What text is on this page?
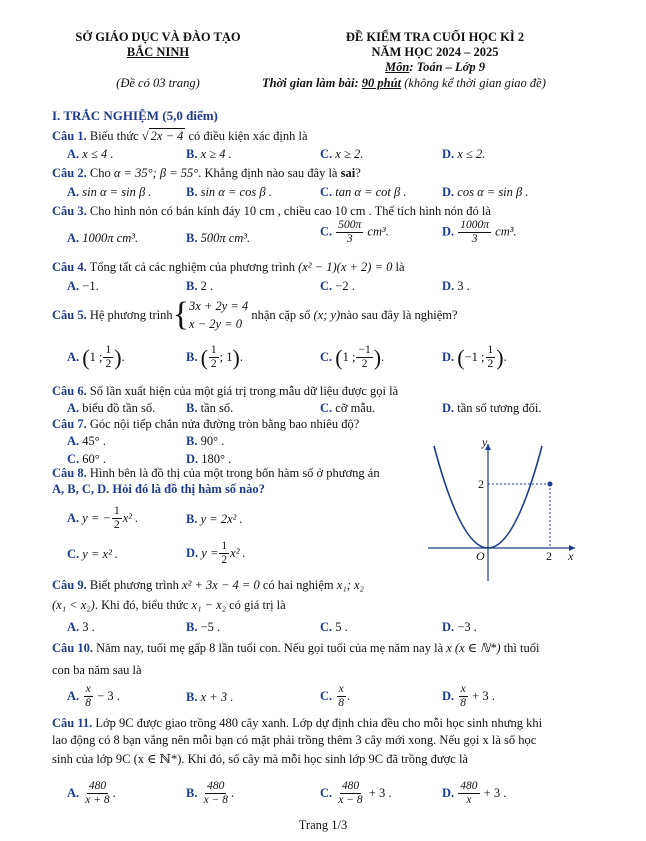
SỞ GIÁO DỤC VÀ ĐÀO TẠO
BẮC NINH
(Đề có 03 trang)
ĐỀ KIỂM TRA CUỐI HỌC KÌ 2
NĂM HỌC 2024 – 2025
Môn: Toán – Lớp 9
Thời gian làm bài: 90 phút (không kể thời gian giao đề)
I. TRẮC NGHIỆM (5,0 điểm)
Câu 1. Biểu thức √ 2x − 4 có điều kiện xác định là
A. x ≤ 4 .	B. x ≥ 4 .	C. x ≥ 2.	D. x ≤ 2.
Câu 2. Cho α = 35°; β = 55°. Khẳng định nào sau đây là sai?
A. sin α = sin β .	B. sin α = cos β .	C. tan α = cot β .	D. cos α = sin β .
Câu 3. Cho hình nón có bán kính đáy 10 cm , chiều cao 10 cm . Thể tích hình nón đó là
A. 1000π cm³.	B. 500π cm³.	C. $\frac{500\pi}{3} cm^3$.	D. $\frac{1000\pi}{3} cm^3$.
Câu 4. Tổng tất cả các nghiệm của phương trình (x² − 1)(x + 2) = 0 là
A. −1.	B. 2 .	C. −2 .	D. 3 .
Câu 5.
Hệ phương trình { 3x + 2y = 4
x − 2y = 0
nhận cặp số (x; y) nào sau đây là nghiệm?
A.
( 1 ; $\frac{1}{2}$ ) .	B.
( $\frac{1}{2}$ ; 1 ) .	C.
( 1 ; $\frac{-1}{2}$ ) .	D.
( −1 ; $\frac{1}{2}$ ) .
Câu 6. Số lần xuất hiện của một giá trị trong mẫu dữ liệu được gọi là
A. biểu đồ tần số. B. tần số.	C. cỡ mẫu.	D. tần số tương đối.
Câu 7. Góc nội tiếp chắn nửa đường tròn bằng bao nhiêu độ?
A. 45° .	B. 90° .
C. 60° .	D. 180° .
Câu 8. Hình bên là đồ thị của một trong bốn hàm số ở phương án
A, B, C, D. Hỏi đó là đồ thị hàm số nào?
A.
y = − $\frac{1}{2} x^2$ .	B. y = 2x² .
C. y = x² .	D.
$y = \frac{1}{2} x^2$ .
y
x
O
2
2
Câu 9. Biết phương trình x² + 3x − 4 = 0 có hai nghiệm x₁; x₂
(x₁ < x₂). Khi đó, biểu thức x₁ − x₂ có giá trị là
A. 3 .	B. −5 .	C. 5 .	D. −3 .
Câu 10. Năm nay, tuổi mẹ gấp 8 lần tuổi con. Nếu gọi tuổi của mẹ năm nay là x (x ∈ ℕ*) thì tuổi
con ba năm sau là
A.
$\frac{x}{8}$
− 3 .	B. x + 3 .	C.
$\frac{x}{8}$ .	D.
$\frac{x}{8}$
+ 3 .
Câu 11. Lớp 9C được giao trồng 480 cây xanh. Lớp dự định chia đều cho mỗi học sinh nhưng khi
lao động có 8 bạn vắng nên mỗi bạn có mặt phải trồng thêm 3 cây mới xong. Nếu gọi x là số học
sinh của lớp 9C (x ∈ ℕ*). Khi đó, số cây mà mỗi học sinh lớp 9C đã trồng được là
A.
$\frac{480}{x + 8}$ .	B.
$\frac{480}{x - 8}$ .	C.
$\frac{480}{x - 8}$
+ 3 .	D.
$\frac{480}{x}$
+ 3 .
Trang 1/3
